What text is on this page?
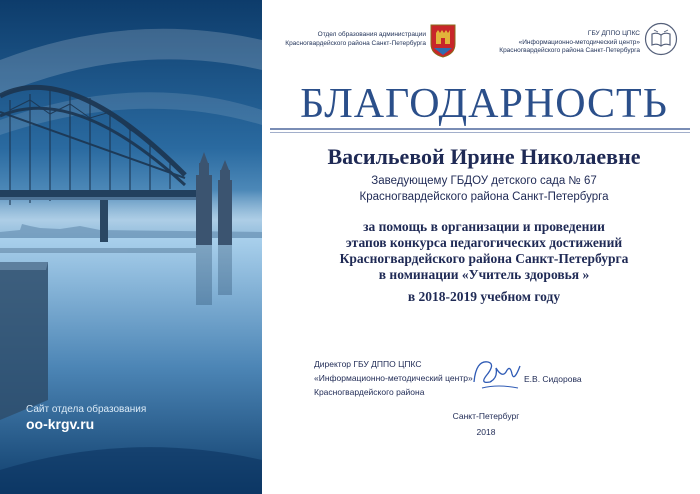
Сайт отдела образования
oo-krgv.ru
Отдел образования администрации
Красногвардейского района Санкт-Петербурга
ГБУ ДППО ЦПКС
«Информационно-методический центр»
Красногвардейского района Санкт-Петербурга
БЛАГОДАРНОСТЬ
Васильевой Ирине Николаевне
Заведующему ГБДОУ детского сада № 67
Красногвардейского района Санкт-Петербурга
за помощь в организации и проведении
этапов конкурса педагогических достижений
Красногвардейского района Санкт-Петербурга
в номинации «Учитель здоровья »
в 2018-2019 учебном году
Директор ГБУ ДППО ЦПКС
«Информационно-методический центр»
Красногвардейского района
Е.В. Сидорова
Санкт-Петербург
2018
